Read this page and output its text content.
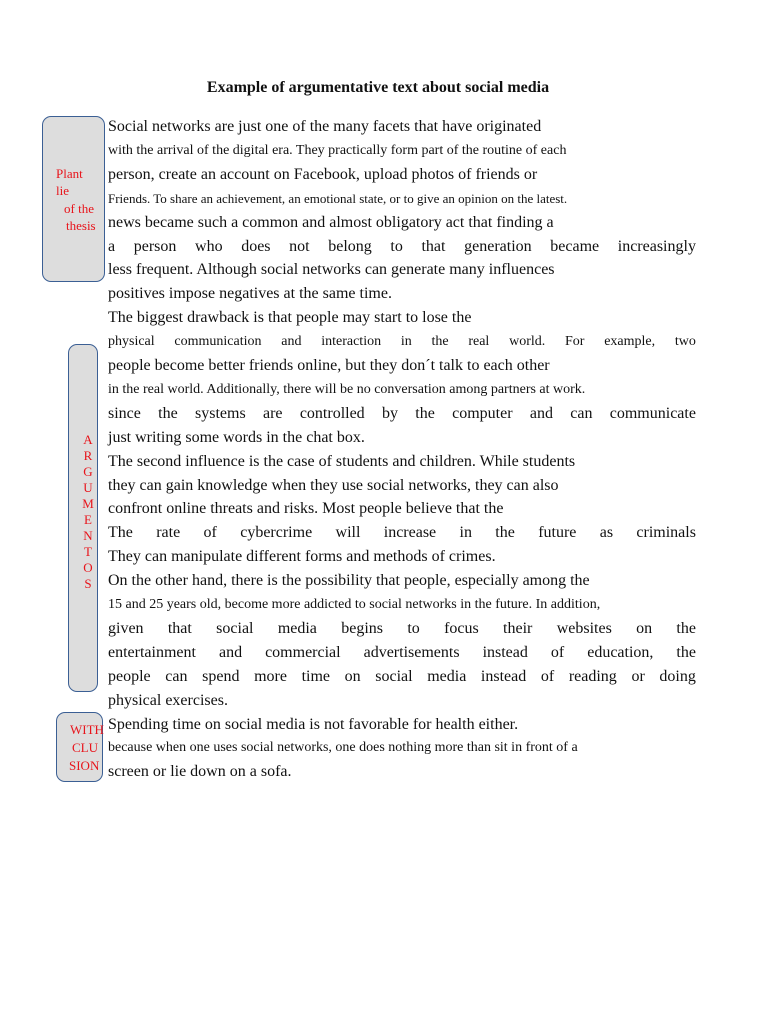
Example of argumentative text about social media
Plant
lie
of the
thesis
A
R
G
U
M
E
N
T
O
S
WITH
CLU
SION
Social networks are just one of the many facets that have originated
with the arrival of the digital era. They practically form part of the routine of each
person, create an account on Facebook, upload photos of friends or
Friends. To share an achievement, an emotional state, or to give an opinion on the latest.
news became such a common and almost obligatory act that finding a
a person who does not belong to that generation became increasingly
less frequent. Although social networks can generate many influences
positives impose negatives at the same time.
The biggest drawback is that people may start to lose the
physical communication and interaction in the real world. For example, two
people become better friends online, but they don´t talk to each other
in the real world. Additionally, there will be no conversation among partners at work.
since the systems are controlled by the computer and can communicate
just writing some words in the chat box.
The second influence is the case of students and children. While students
they can gain knowledge when they use social networks, they can also
confront online threats and risks. Most people believe that the
The rate of cybercrime will increase in the future as criminals
They can manipulate different forms and methods of crimes.
On the other hand, there is the possibility that people, especially among the
15 and 25 years old, become more addicted to social networks in the future. In addition,
given that social media begins to focus their websites on the
entertainment and commercial advertisements instead of education, the
people can spend more time on social media instead of reading or doing
physical exercises.
Spending time on social media is not favorable for health either.
because when one uses social networks, one does nothing more than sit in front of a
screen or lie down on a sofa.
